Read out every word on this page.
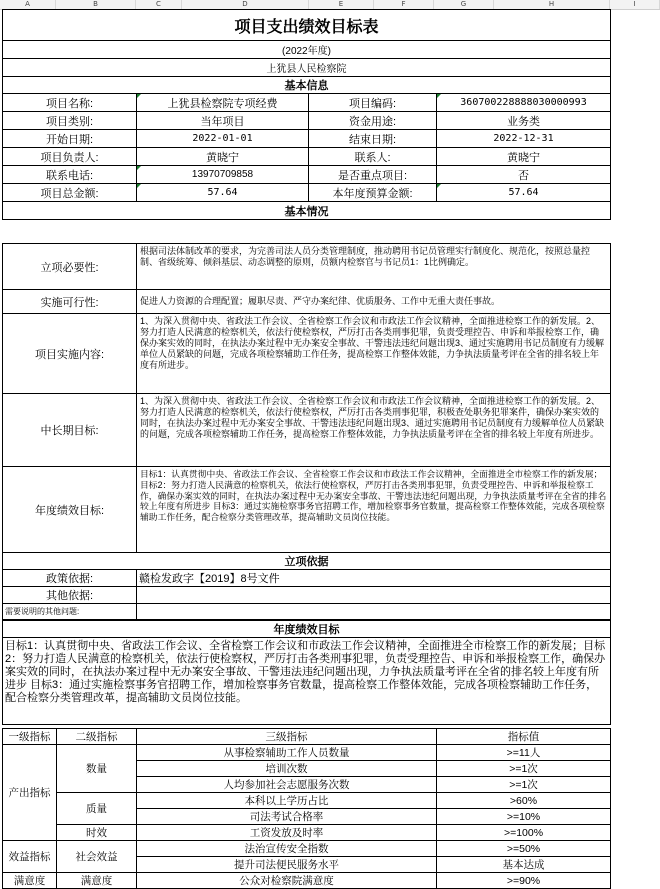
A	B	C	D	E	F	G	H	I
项目支出绩效目标表			
(2022年度)			
上犹县人民检察院			
基本信息			
项目名称:	上犹县检察院专项经费	项目编码:	360700228888030000993
项目类别:	当年项目	资金用途:	业务类
开始日期:	2022-01-01	结束日期:	2022-12-31
项目负责人:	黄晓宁	联系人:	黄晓宁
联系电话:	13970709858	是否重点项目:	否
项目总金额:	57.64	本年度预算金额:	57.64
基本情况			
立项必要性:	根据司法体制改革的要求，为完善司法人员分类管理制度，推动聘用书记员管理实行制度化、规范化，按照总量控制、省级统筹、倾斜基层、动态调整的原则，员额内检察官与书记员1：1比例确定。
实施可行性:	促进人力资源的合理配置；履职尽责、严守办案纪律、优质服务、工作中无重大责任事故。
项目实施内容:	1、为深入贯彻中央、省政法工作会议、全省检察工作会议和市政法工作会议精神，全面推进检察工作的新发展。2、努力打造人民满意的检察机关，依法行使检察权，严厉打击各类刑事犯罪，负责受理控告、申诉和举报检察工作，确保办案实效的同时，在执法办案过程中无办案安全事故、干警违法违纪问题出现3、通过实施聘用书记员制度有力缓解单位人员紧缺的问题，完成各项检察辅助工作任务，提高检察工作整体效能，力争执法质量考评在全省的排名较上年度有所进步。
中长期目标:	1、为深入贯彻中央、省政法工作会议、全省检察工作会议和市政法工作会议精神，全面推进检察工作的新发展。2、努力打造人民满意的检察机关，依法行使检察权，严厉打击各类刑事犯罪，积极查处职务犯罪案件，确保办案实效的同时，在执法办案过程中无办案安全事故、干警违法违纪问题出现3、通过实施聘用书记员制度有力缓解单位人员紧缺的问题，完成各项检察辅助工作任务，提高检察工作整体效能，力争执法质量考评在全省的排名较上年度有所进步。
年度绩效目标:	目标1：认真贯彻中央、省政法工作会议、全省检察工作会议和市政法工作会议精神，全面推进全市检察工作的新发展；目标2：努力打造人民满意的检察机关，依法行使检察权，严厉打击各类刑事犯罪，负责受理控告、申诉和举报检察工作，确保办案实效的同时，在执法办案过程中无办案安全事故、干警违法违纪问题出现，力争执法质量考评在全省的排名较上年度有所进步 目标3：通过实施检察事务官招聘工作，增加检察事务官数量，提高检察工作整体效能，完成各项检察辅助工作任务，配合检察分类管理改革，提高辅助文员岗位技能。
立项依据	
政策依据:	赣检发政字【2019】8号文件
其他依据:	
需要说明的其他问题:	
年度绩效目标
目标1：认真贯彻中央、省政法工作会议、全省检察工作会议和市政法工作会议精神，全面推进全市检察工作的新发展；目标2：努力打造人民满意的检察机关，依法行使检察权，严厉打击各类刑事犯罪，负责受理控告、申诉和举报检察工作，确保办案实效的同时，在执法办案过程中无办案安全事故、干警违法违纪问题出现，力争执法质量考评在全省的排名较上年度有所进步 目标3：通过实施检察事务官招聘工作，增加检察事务官数量，提高检察工作整体效能，完成各项检察辅助工作任务，配合检察分类管理改革，提高辅助文员岗位技能。
一级指标	二级指标	三级指标	指标值
产出指标	数量	从事检察辅助工作人员数量	>=11人
		培训次数	>=1次
		人均参加社会志愿服务次数	>=1次
	质量	本科以上学历占比	>60%
		司法考试合格率	>=10%
	时效	工资发放及时率	>=100%
效益指标	社会效益	法治宣传安全指数	>=50%
		提升司法便民服务水平	基本达成
满意度	满意度	公众对检察院满意度	>=90%
